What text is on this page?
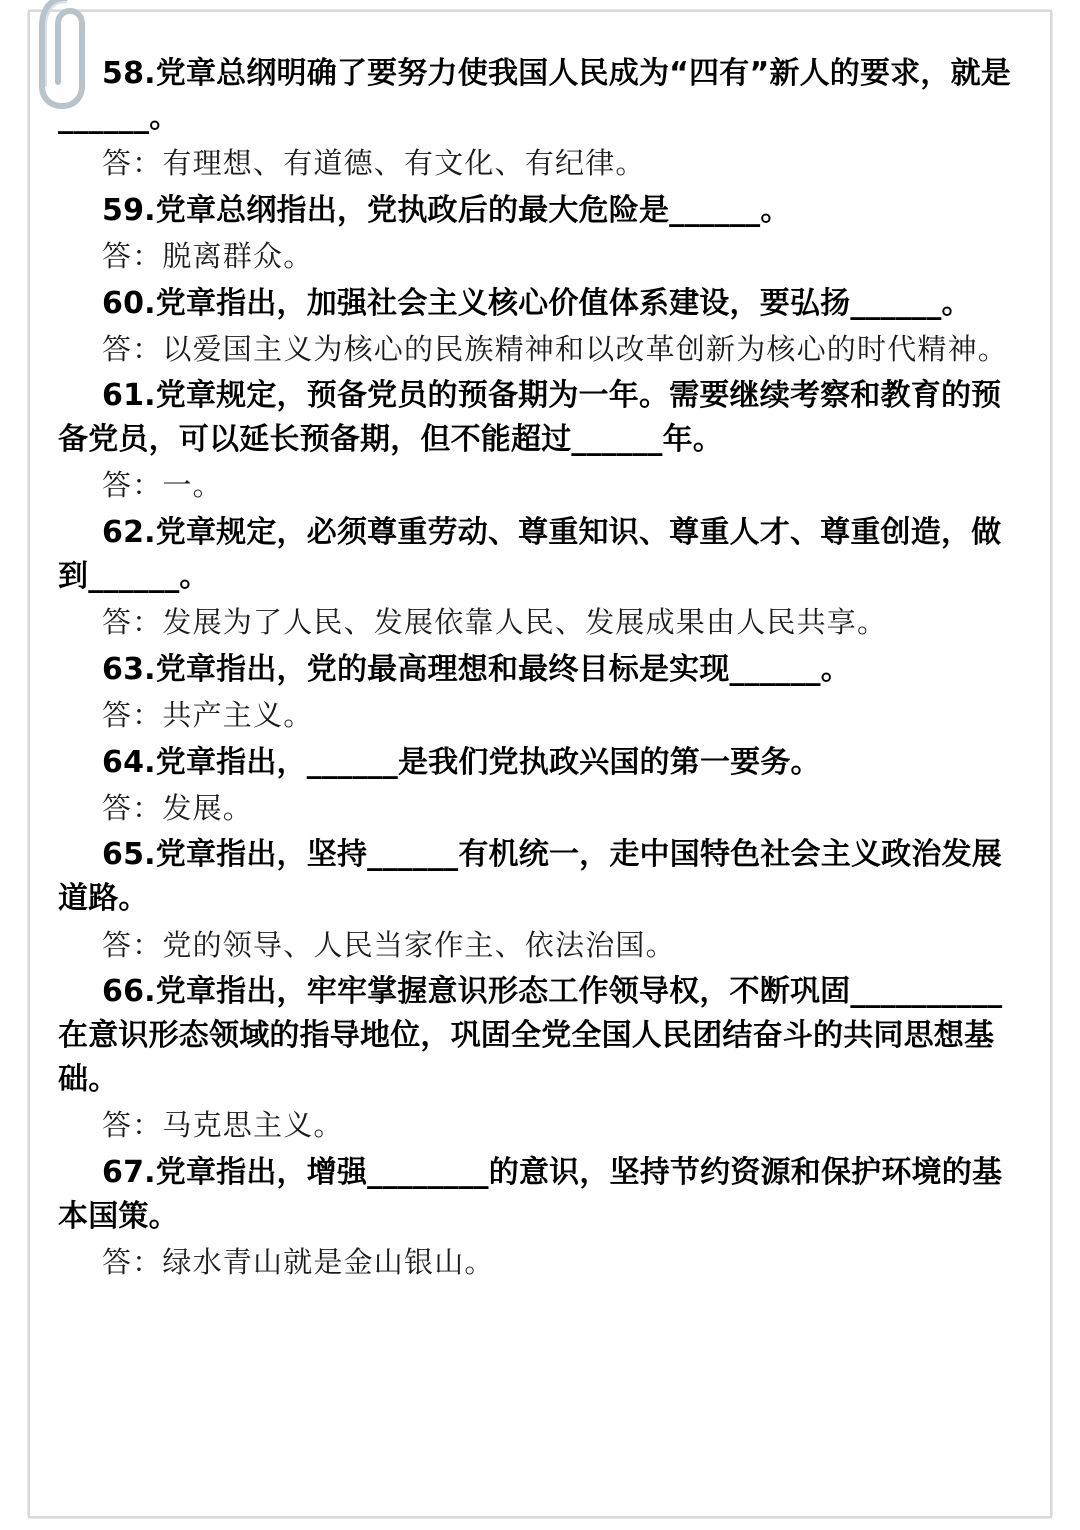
58.党章总纲明确了要努力使我国人民成为“四有”新人的要求，就是______。

答：有理想、有道德、有文化、有纪律。

59.党章总纲指出，党执政后的最大危险是______。

答：脱离群众。

60.党章指出，加强社会主义核心价值体系建设，要弘扬______。

答：以爱国主义为核心的民族精神和以改革创新为核心的时代精神。

61.党章规定，预备党员的预备期为一年。需要继续考察和教育的预备党员，可以延长预备期，但不能超过______年。

答：一。

62.党章规定，必须尊重劳动、尊重知识、尊重人才、尊重创造，做到______。

答：发展为了人民、发展依靠人民、发展成果由人民共享。

63.党章指出，党的最高理想和最终目标是实现______。

答：共产主义。

64.党章指出，______是我们党执政兴国的第一要务。

答：发展。

65.党章指出，坚持______有机统一，走中国特色社会主义政治发展道路。

答：党的领导、人民当家作主、依法治国。

66.党章指出，牢牢掌握意识形态工作领导权，不断巩固__________在意识形态领域的指导地位，巩固全党全国人民团结奋斗的共同思想基础。

答：马克思主义。

67.党章指出，增强________的意识，坚持节约资源和保护环境的基本国策。

答：绿水青山就是金山银山。
